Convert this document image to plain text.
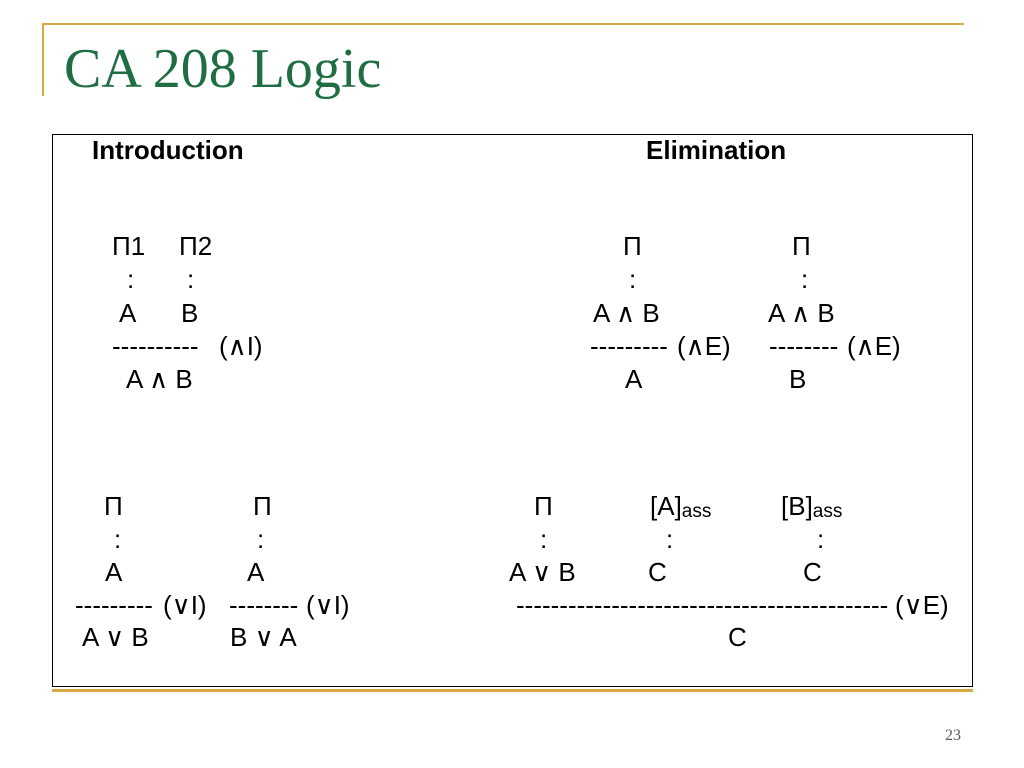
CA 208 Logic
Introduction	Elimination
Π1 Π2
: :
A B
---------- (∧I)
A ∧ B
Π
:
A ∧ B
--------- (∧E)
A
Π
:
A ∧ B
-------- (∧E)
B
Π
:
A
--------- (∨I)
A ∨ B
Π
:
A
-------- (∨I)
B ∨ A
Π	[A]ass	[B]ass
:	:	:
A ∨ B	C	C
------------------------------------------- (∨E)
C
23
